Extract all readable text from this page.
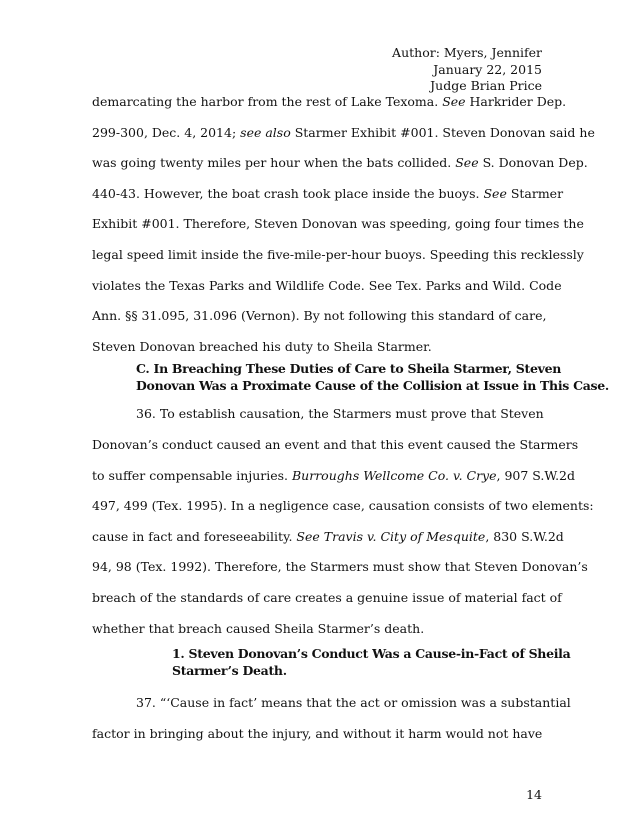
Author: Myers, Jennifer
January 22, 2015
Judge Brian Price
demarcating the harbor from the rest of Lake Texoma. See Harkrider Dep.
299-300, Dec. 4, 2014; see also Starmer Exhibit #001. Steven Donovan said he
was going twenty miles per hour when the bats collided. See S. Donovan Dep.
440-43. However, the boat crash took place inside the buoys. See Starmer
Exhibit #001. Therefore, Steven Donovan was speeding, going four times the
legal speed limit inside the five-mile-per-hour buoys. Speeding this recklessly
violates the Texas Parks and Wildlife Code. See Tex. Parks and Wild. Code
Ann. §§ 31.095, 31.096 (Vernon). By not following this standard of care,
Steven Donovan breached his duty to Sheila Starmer.
C. In Breaching These Duties of Care to Sheila Starmer, Steven
Donovan Was a Proximate Cause of the Collision at Issue in This Case.
36. To establish causation, the Starmers must prove that Steven
Donovan’s conduct caused an event and that this event caused the Starmers
to suffer compensable injuries. Burroughs Wellcome Co. v. Crye, 907 S.W.2d
497, 499 (Tex. 1995). In a negligence case, causation consists of two elements:
cause in fact and foreseeability. See Travis v. City of Mesquite, 830 S.W.2d
94, 98 (Tex. 1992). Therefore, the Starmers must show that Steven Donovan’s
breach of the standards of care creates a genuine issue of material fact of
whether that breach caused Sheila Starmer’s death.
1. Steven Donovan’s Conduct Was a Cause-in-Fact of Sheila
Starmer’s Death.
37. “‘Cause in fact’ means that the act or omission was a substantial
factor in bringing about the injury, and without it harm would not have
14
